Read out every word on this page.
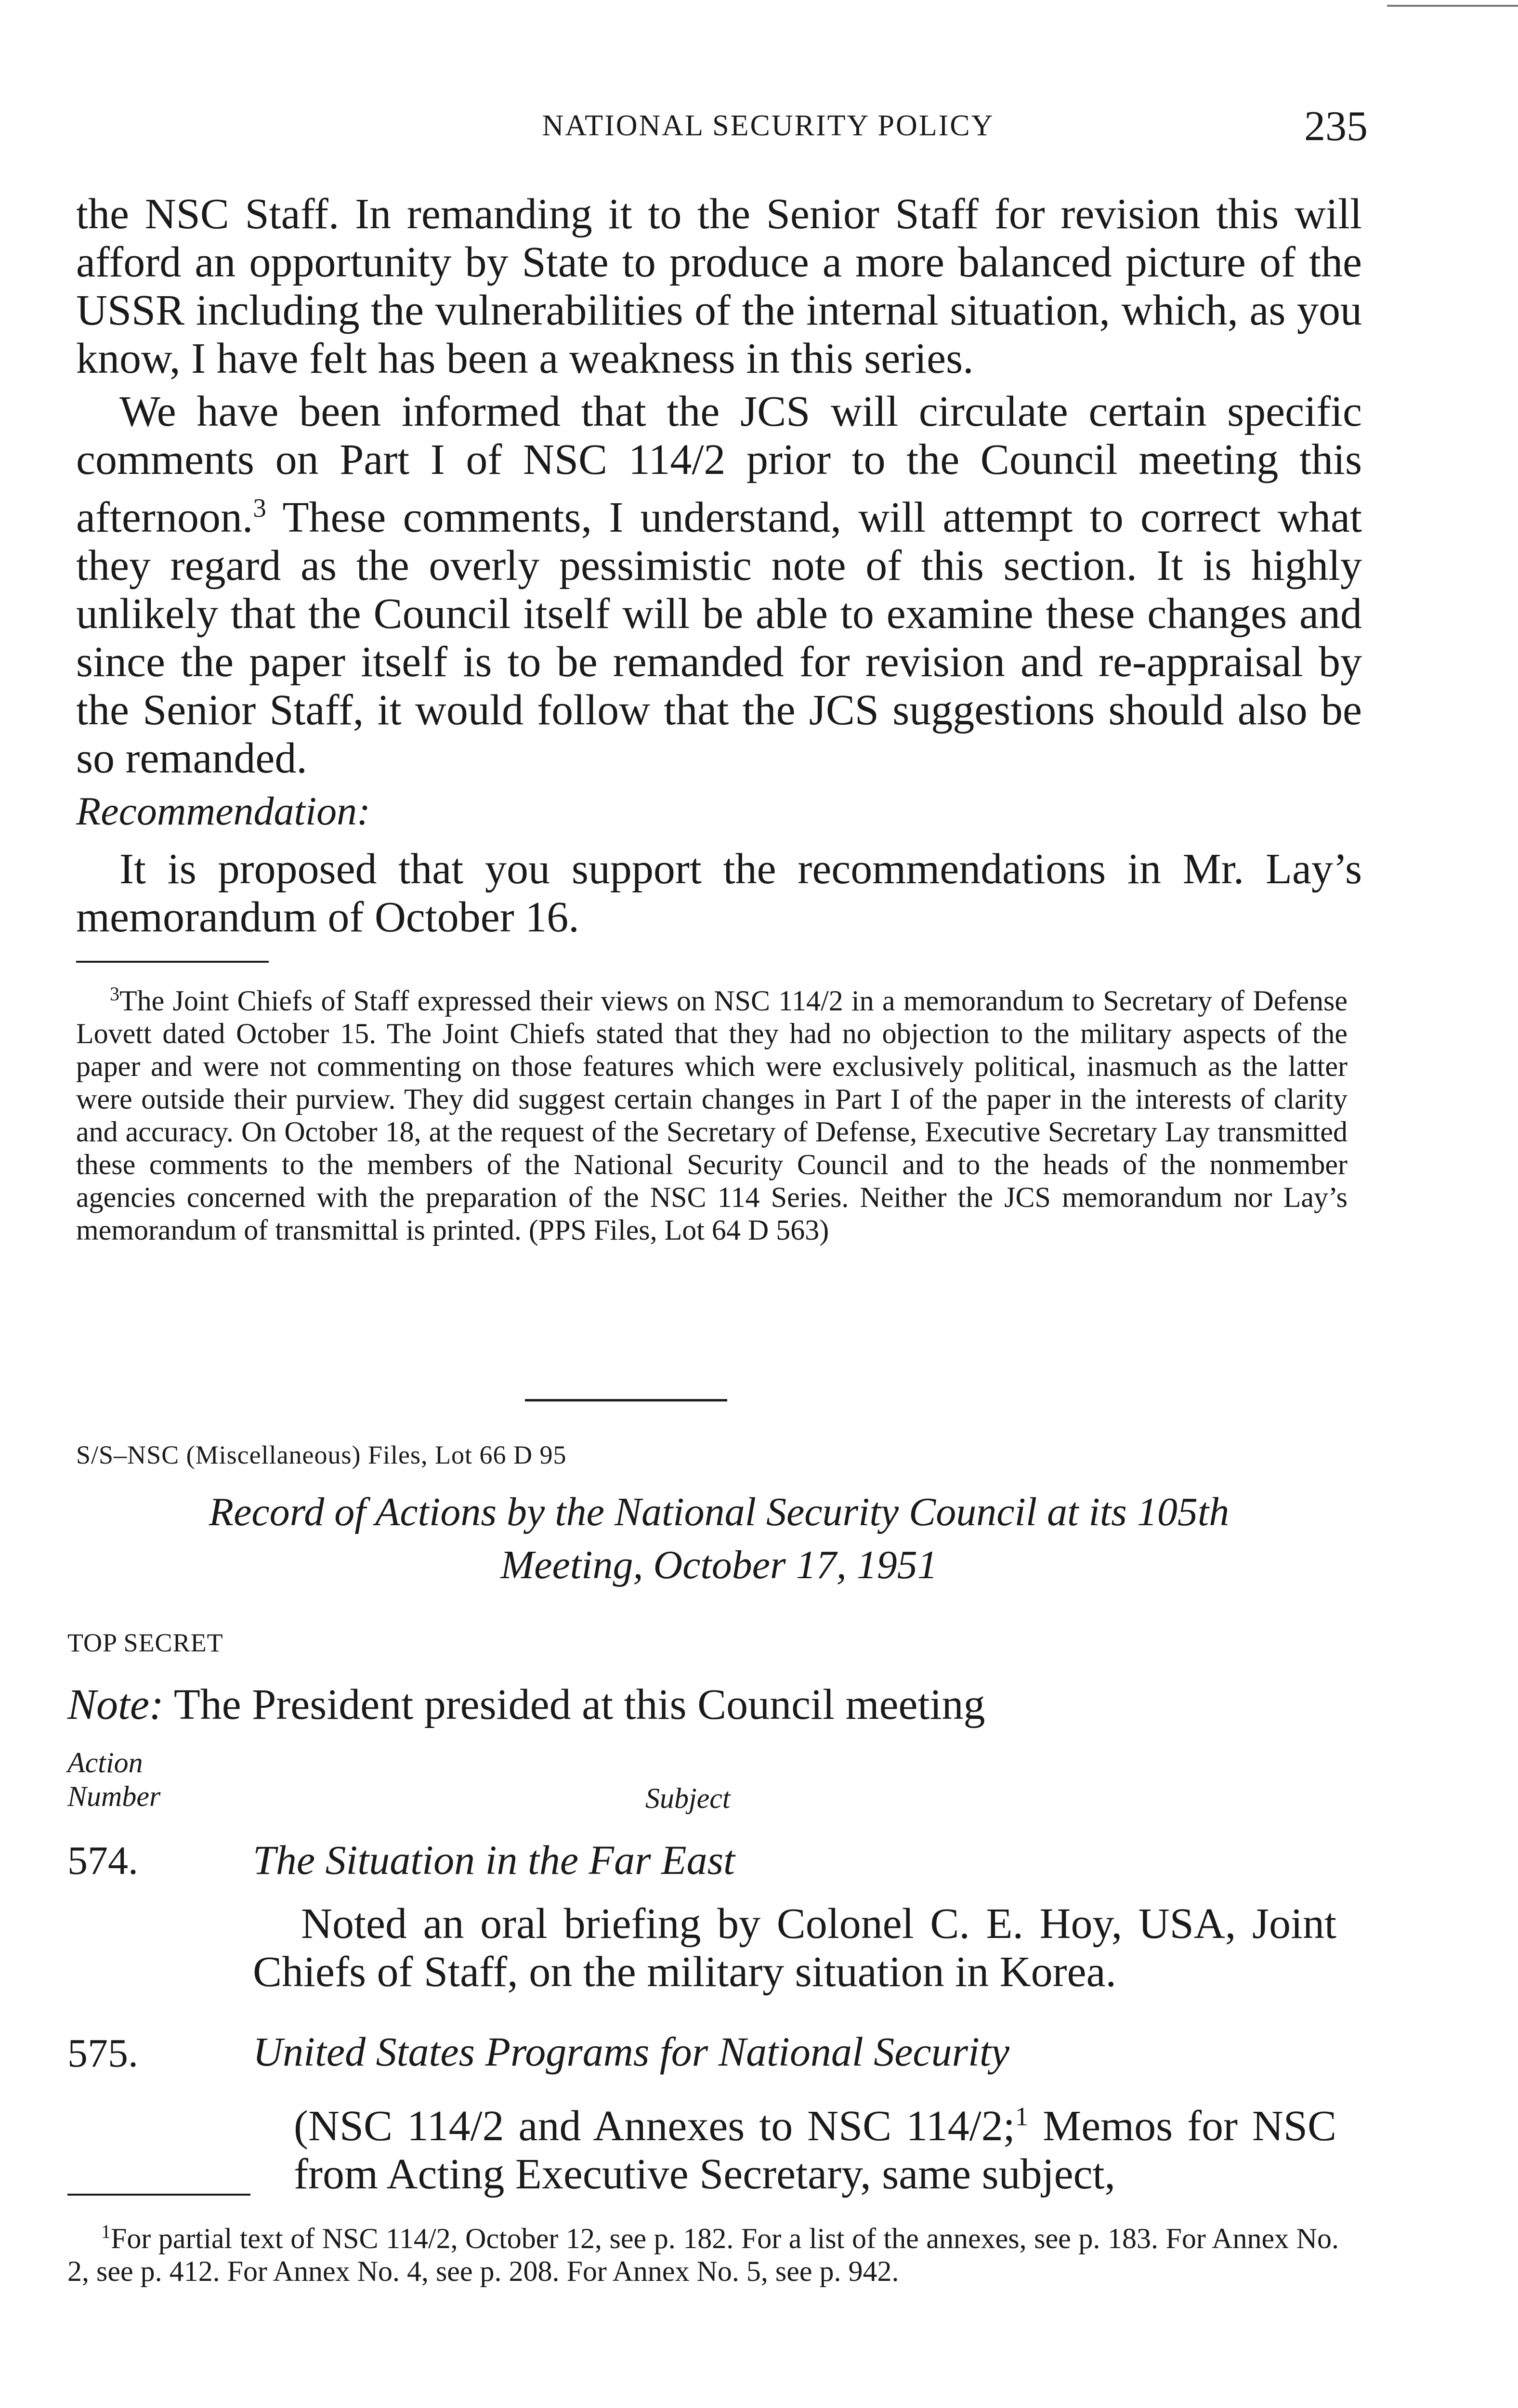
NATIONAL SECURITY POLICY	235

the NSC Staff. In remanding it to the Senior Staff for revision this will afford an opportunity by State to produce a more balanced picture of the USSR including the vulnerabilities of the internal situation, which, as you know, I have felt has been a weakness in this series.

We have been informed that the JCS will circulate certain specific comments on Part I of NSC 114/2 prior to the Council meeting this afternoon.$^3$ These comments, I understand, will attempt to correct what they regard as the overly pessimistic note of this section. It is highly unlikely that the Council itself will be able to examine these changes and since the paper itself is to be remanded for revision and re-appraisal by the Senior Staff, it would follow that the JCS suggestions should also be so remanded.

Recommendation:

It is proposed that you support the recommendations in Mr. Lay’s memorandum of October 16.

$^3$The Joint Chiefs of Staff expressed their views on NSC 114/2 in a memorandum to Secretary of Defense Lovett dated October 15. The Joint Chiefs stated that they had no objection to the military aspects of the paper and were not commenting on those features which were exclusively political, inasmuch as the latter were outside their purview. They did suggest certain changes in Part I of the paper in the interests of clarity and accuracy. On October 18, at the request of the Secretary of Defense, Executive Secretary Lay transmitted these comments to the members of the National Security Council and to the heads of the nonmember agencies concerned with the preparation of the NSC 114 Series. Neither the JCS memorandum nor Lay’s memorandum of transmittal is printed. (PPS Files, Lot 64 D 563)

S/S–NSC (Miscellaneous) Files, Lot 66 D 95
Record of Actions by the National Security Council at its 105th
Meeting, October 17, 1951
TOP SECRET
Note: The President presided at this Council meeting
Action
Number	Subject
574.	The Situation in the Far East

Noted an oral briefing by Colonel C. E. Hoy, USA, Joint Chiefs of Staff, on the military situation in Korea.

575.	United States Programs for National Security

(NSC 114/2 and Annexes to NSC 114/2;$^1$ Memos for NSC from Acting Executive Secretary, same subject,

$^1$For partial text of NSC 114/2, October 12, see p. 182. For a list of the annexes, see p. 183. For Annex No. 2, see p. 412. For Annex No. 4, see p. 208. For Annex No. 5, see p. 942.
